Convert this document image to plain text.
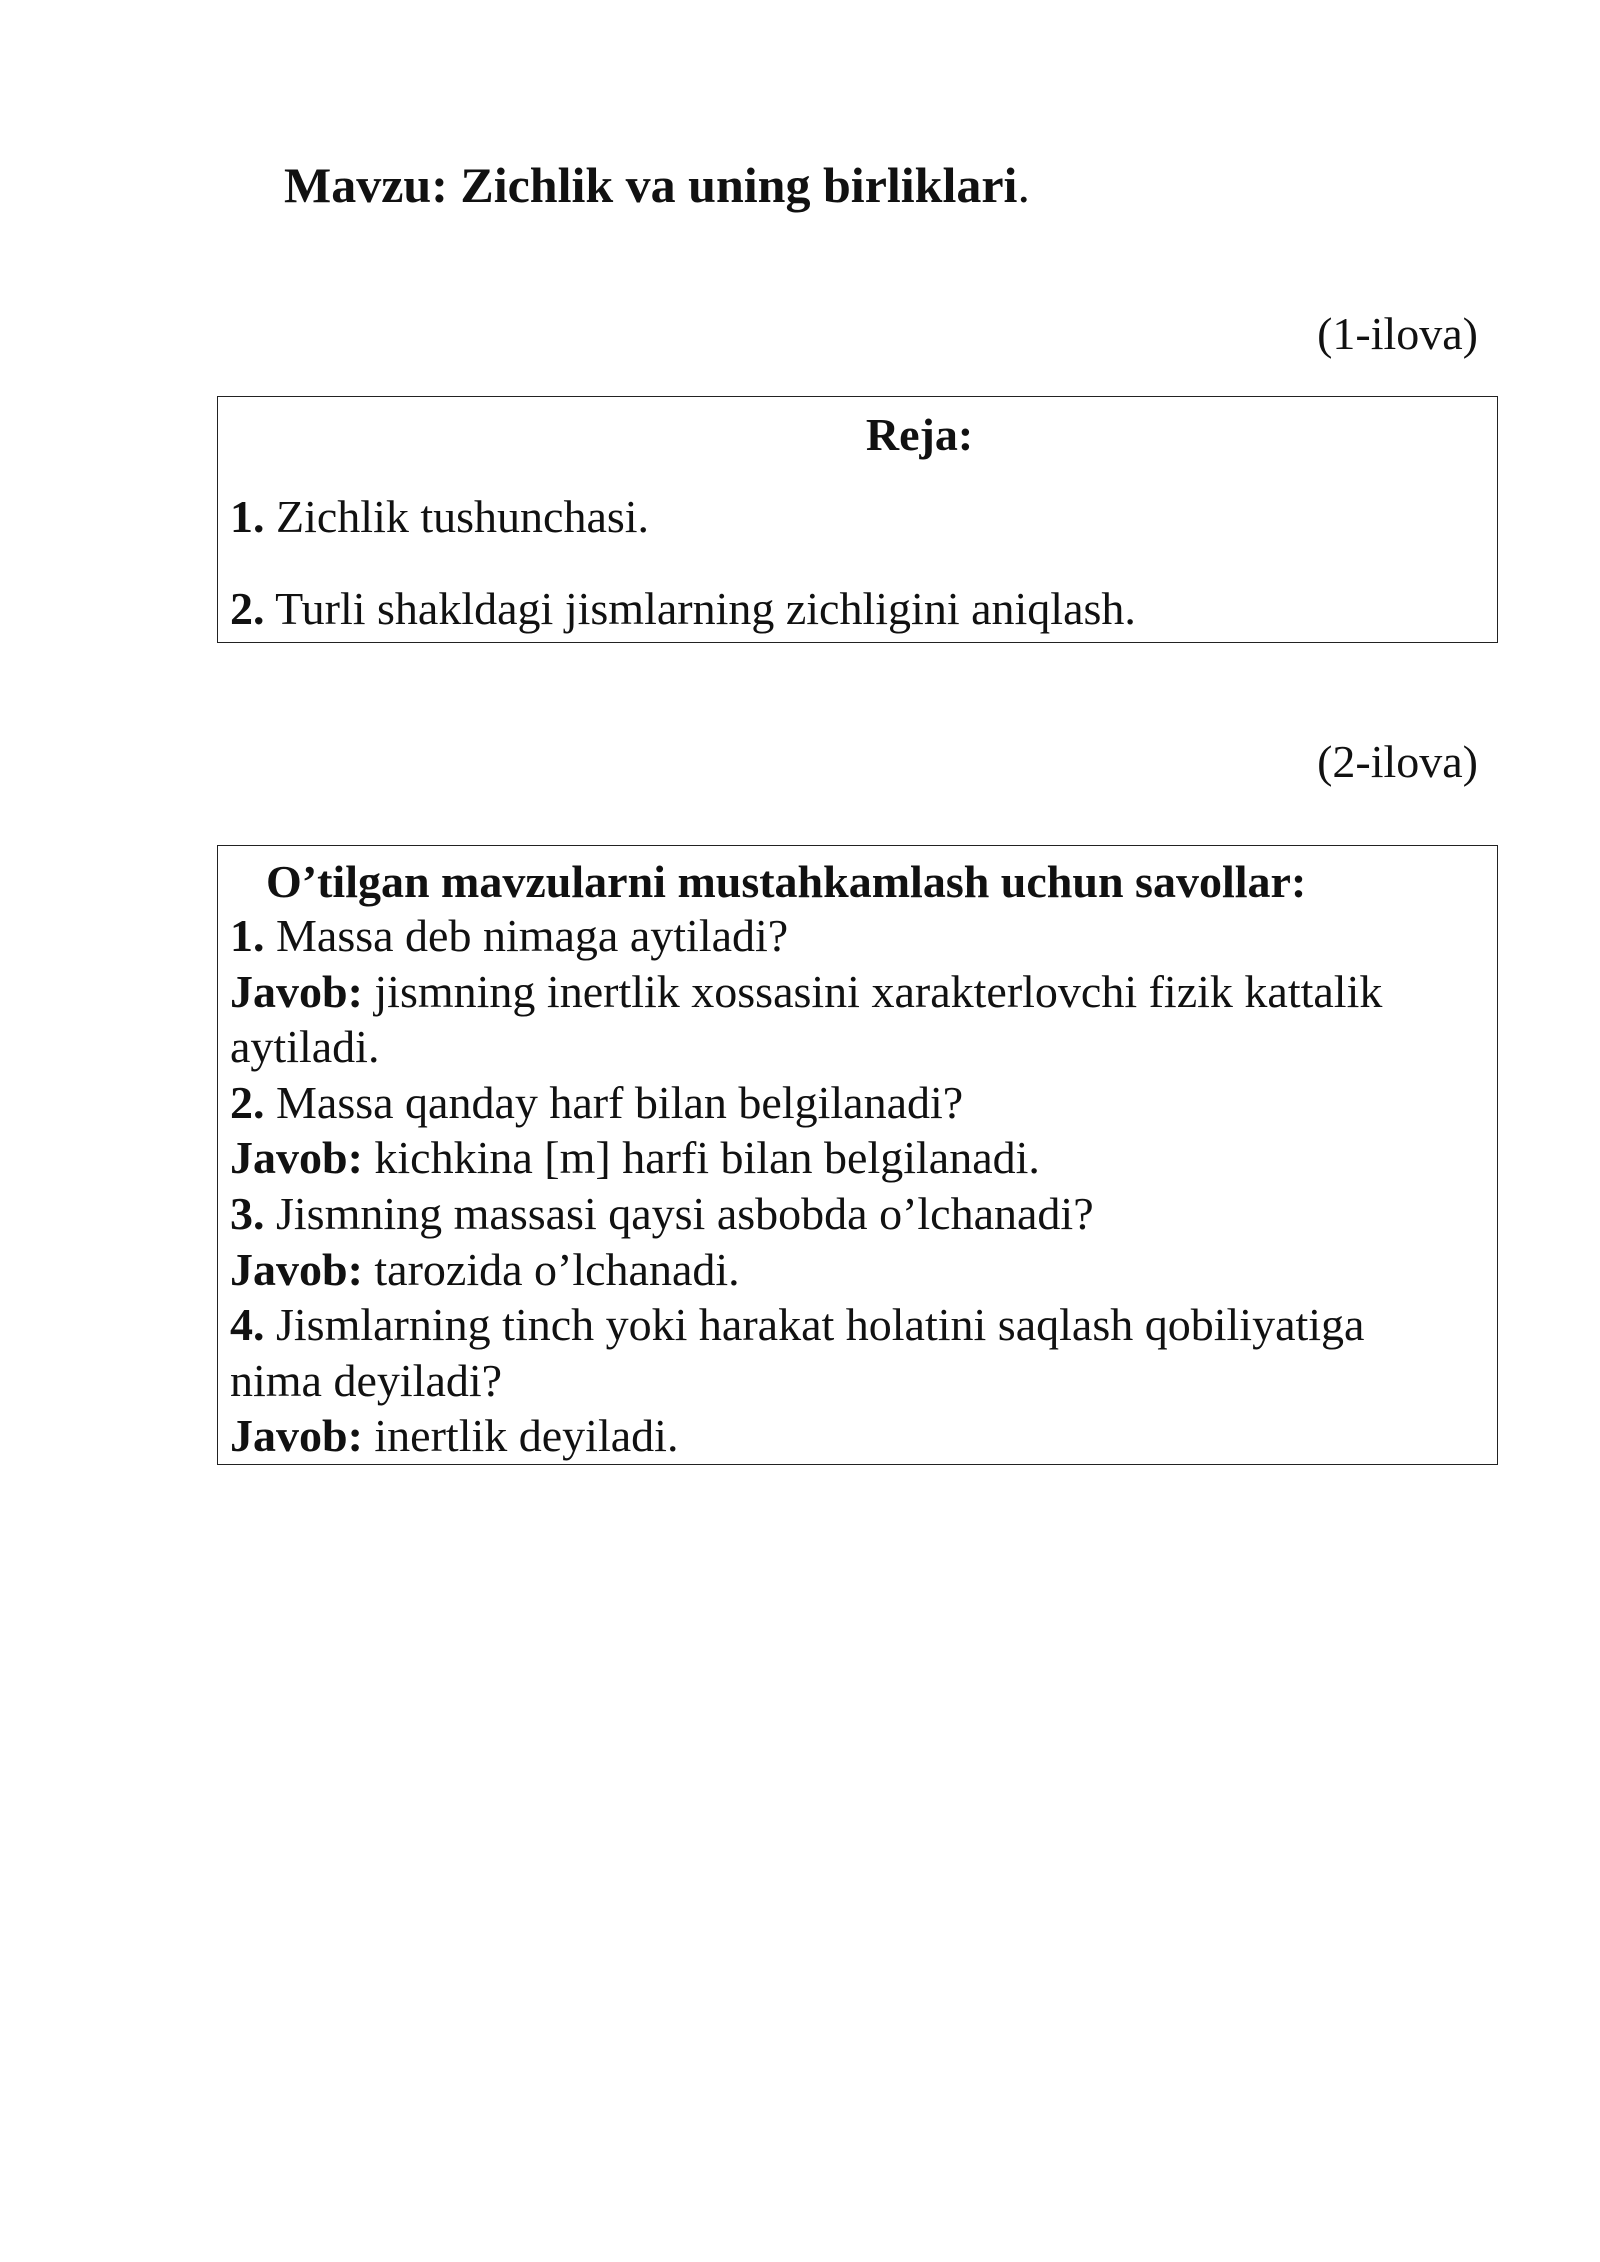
Mavzu: Zichlik va uning birliklari.
(1-ilova)
Reja:
1. Zichlik tushunchasi.
2. Turli shakldagi jismlarning zichligini aniqlash.
(2-ilova)
O’tilgan mavzularni mustahkamlash uchun savollar:
1. Massa deb nimaga aytiladi?
Javob: jismning inertlik xossasini xarakterlovchi fizik kattalik
aytiladi.
2. Massa qanday harf bilan belgilanadi?
Javob: kichkina [m] harfi bilan belgilanadi.
3. Jismning massasi qaysi asbobda o’lchanadi?
Javob: tarozida o’lchanadi.
4. Jismlarning tinch yoki harakat holatini saqlash qobiliyatiga
nima deyiladi?
Javob: inertlik deyiladi.
